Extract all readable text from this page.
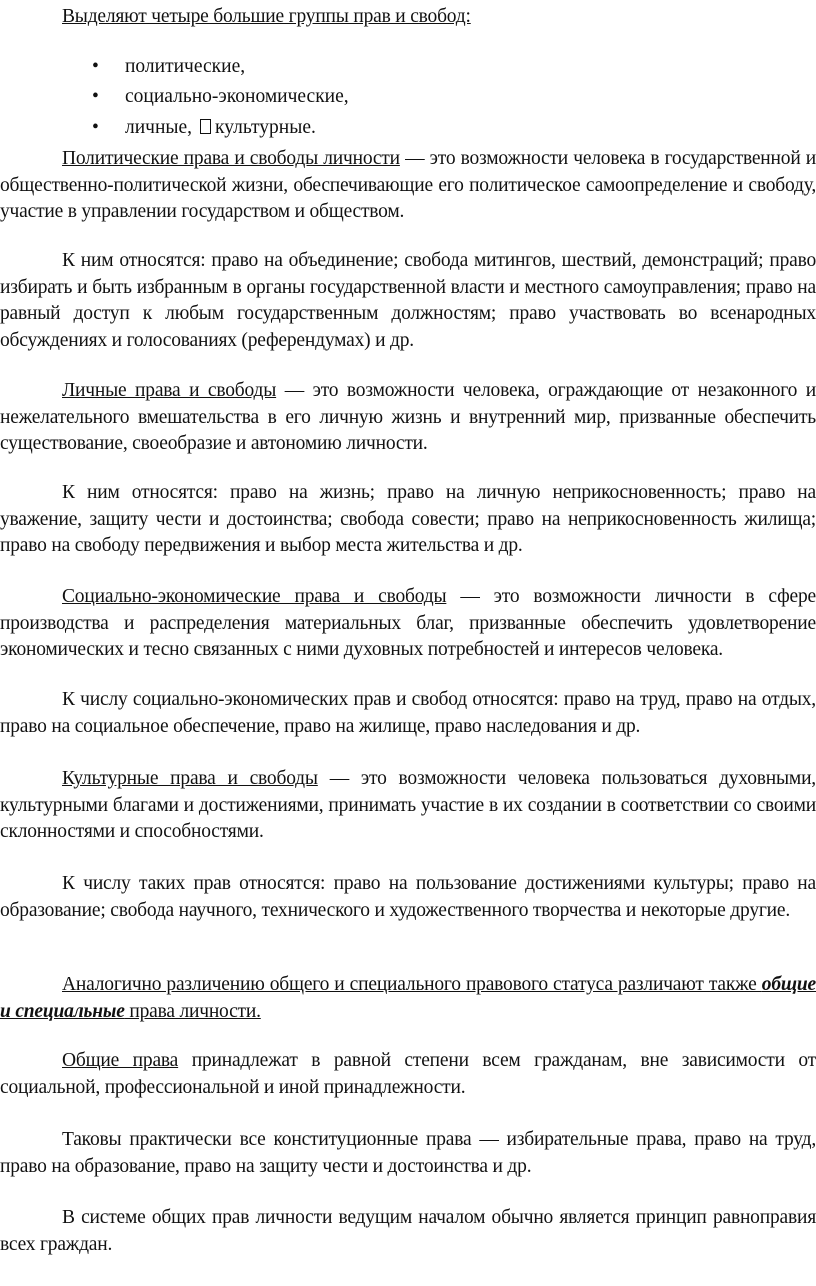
Выделяют четыре большие группы прав и свобод:
• политические,
• социально-экономические,
• личные, культурные.
Политические права и свободы личности — это возможности человека в государственной и общественно-политической жизни, обеспечивающие его политическое самоопределение и свободу, участие в управлении государством и обществом.
К ним относятся: право на объединение; свобода митингов, шествий, демонстраций; право избирать и быть избранным в органы государственной власти и местного самоуправления; право на равный доступ к любым государственным должностям; право участвовать во всенародных обсуждениях и голосованиях (референдумах) и др.
Личные права и свободы — это возможности человека, ограждающие от незаконного и нежелательного вмешательства в его личную жизнь и внутренний мир, призванные обеспечить существование, своеобразие и автономию личности.
К ним относятся: право на жизнь; право на личную неприкосновенность; право на уважение, защиту чести и достоинства; свобода совести; право на неприкосновенность жилища; право на свободу передвижения и выбор места жительства и др.
Социально-экономические права и свободы — это возможности личности в сфере производства и распределения материальных благ, призванные обеспечить удовлетворение экономических и тесно связанных с ними духовных потребностей и интересов человека.
К числу социально-экономических прав и свобод относятся: право на труд, право на отдых, право на социальное обеспечение, право на жилище, право наследования и др.
Культурные права и свободы — это возможности человека пользоваться духовными, культурными благами и достижениями, принимать участие в их создании в соответствии со своими склонностями и способностями.
К числу таких прав относятся: право на пользование достижениями культуры; право на образование; свобода научного, технического и художественного творчества и некоторые другие.
Аналогично различению общего и специального правового статуса различают также общие и специальные права личности.
Общие права принадлежат в равной степени всем гражданам, вне зависимости от социальной, профессиональной и иной принадлежности.
Таковы практически все конституционные права — избирательные права, право на труд, право на образование, право на защиту чести и достоинства и др.
В системе общих прав личности ведущим началом обычно является принцип равноправия всех граждан.
